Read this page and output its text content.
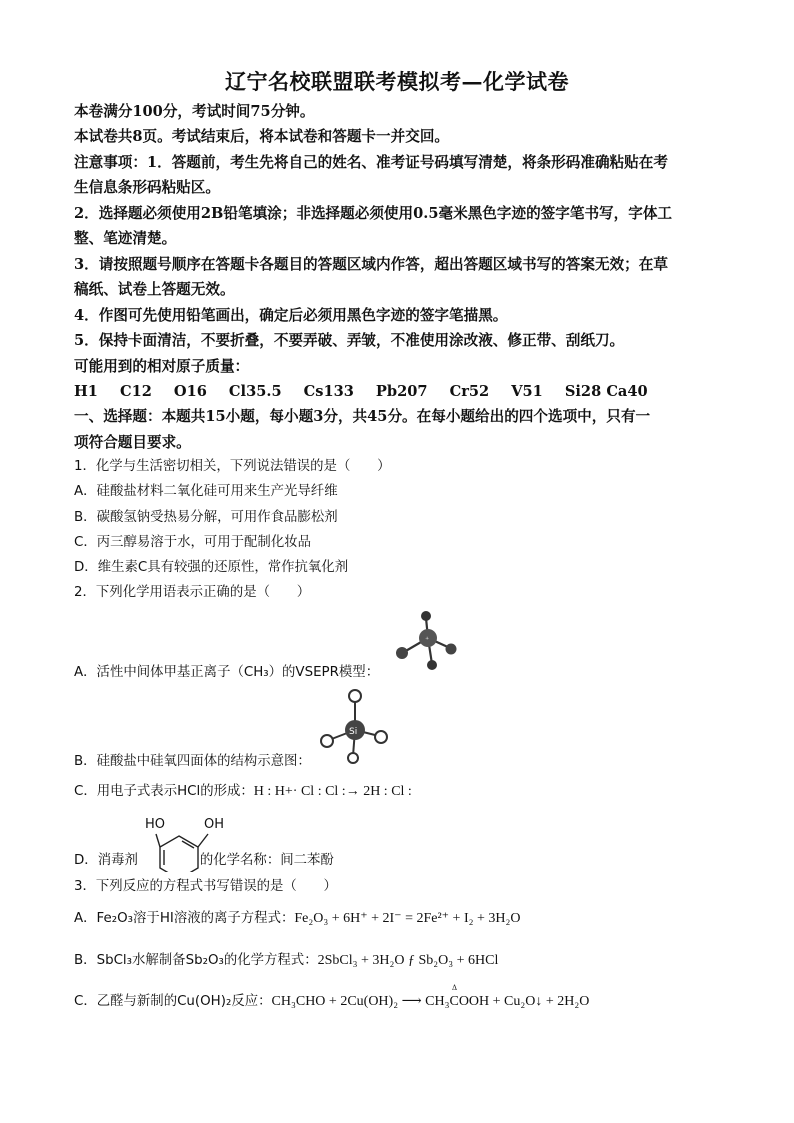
辽宁名校联盟联考模拟考—化学试卷
本卷满分100分，考试时间75分钟。
本试卷共8页。考试结束后，将本试卷和答题卡一并交回。
注意事项：1．答题前，考生先将自己的姓名、准考证号码填写清楚，将条形码准确粘贴在考
生信息条形码粘贴区。
2．选择题必须使用2B铅笔填涂；非选择题必须使用0.5毫米黑色字迹的签字笔书写，字体工
整、笔迹清楚。
3．请按照题号顺序在答题卡各题目的答题区域内作答，超出答题区域书写的答案无效；在草
稿纸、试卷上答题无效。
4．作图可先使用铅笔画出，确定后必须用黑色字迹的签字笔描黑。
5．保持卡面清洁，不要折叠，不要弄破、弄皱，不准使用涂改液、修正带、刮纸刀。
可能用到的相对原子质量：
H1 C12 O16 Cl35.5 Cs133 Pb207 Cr52 V51 Si28 Ca40
一、选择题：本题共15小题，每小题3分，共45分。在每小题给出的四个选项中，只有一
项符合题目要求。
1．化学与生活密切相关，下列说法错误的是（　　）
A．硅酸盐材料二氧化硅可用来生产光导纤维
B．碳酸氢钠受热易分解，可用作食品膨松剂
C．丙三醇易溶于水，可用于配制化妆品
D．维生素C具有较强的还原性，常作抗氧化剂
2．下列化学用语表示正确的是（　　）
⁺
A．活性中间体甲基正离子（CH₃）的VSEPR模型：
Si
B．硅酸盐中硅氧四面体的结构示意图：
C．用电子式表示HCl的形成：H : H+· Cl : Cl :→ 2H : Cl :
HO	OH
D．消毒剂	的化学名称：间二苯酚
3．下列反应的方程式书写错误的是（　　）
A．Fe₂O₃溶于HI溶液的离子方程式：Fe₂O₃ + 6H⁺ + 2I⁻ = 2Fe²⁺ + I₂ + 3H₂O
B．SbCl₃水解制备Sb₂O₃的化学方程式：2SbCl₃ + 3H₂O ƒ Sb₂O₃ + 6HCl
C．乙醛与新制的Cu(OH)₂反应：CH₃CHO + 2Cu(OH)₂ ⟶ CH₃COOH + Cu₂O↓ + 2H₂O
Δ
